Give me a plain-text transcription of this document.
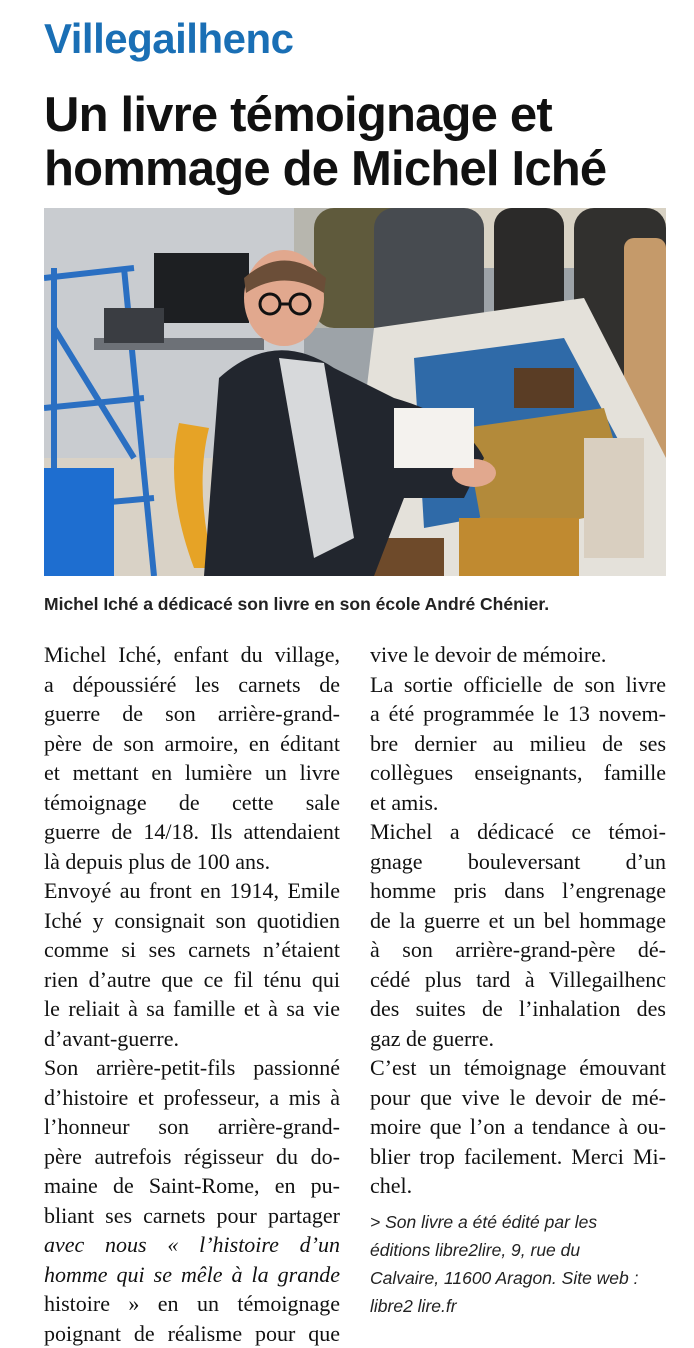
Villegailhenc
Un livre témoignage et
hommage de Michel Iché
Michel Iché a dédicacé son livre en son école André Chénier.
Michel Iché, enfant du village,
a dépoussiéré les carnets de
guerre de son arrière-grand-
père de son armoire, en éditant
et mettant en lumière un livre
témoignage de cette sale
guerre de 14/18. Ils attendaient
là depuis plus de 100 ans.
Envoyé au front en 1914, Emile
Iché y consignait son quotidien
comme si ses carnets n’étaient
rien d’autre que ce fil ténu qui
le reliait à sa famille et à sa vie
d’avant-guerre.
Son arrière-petit-fils passionné
d’histoire et professeur, a mis à
l’honneur son arrière-grand-
père autrefois régisseur du do-
maine de Saint-Rome, en pu-
bliant ses carnets pour partager
avec nous « l’histoire d’un
homme qui se mêle à la grande
histoire » en un témoignage
poignant de réalisme pour que
vive le devoir de mémoire.
La sortie officielle de son livre
a été programmée le 13 novem-
bre dernier au milieu de ses
collègues enseignants, famille
et amis.
Michel a dédicacé ce témoi-
gnage bouleversant d’un
homme pris dans l’engrenage
de la guerre et un bel hommage
à son arrière-grand-père dé-
cédé plus tard à Villegailhenc
des suites de l’inhalation des
gaz de guerre.
C’est un témoignage émouvant
pour que vive le devoir de mé-
moire que l’on a tendance à ou-
blier trop facilement. Merci Mi-
chel.
> Son livre a été édité par les
éditions libre2lire, 9, rue du
Calvaire, 11600 Aragon. Site web :
libre2 lire.fr
